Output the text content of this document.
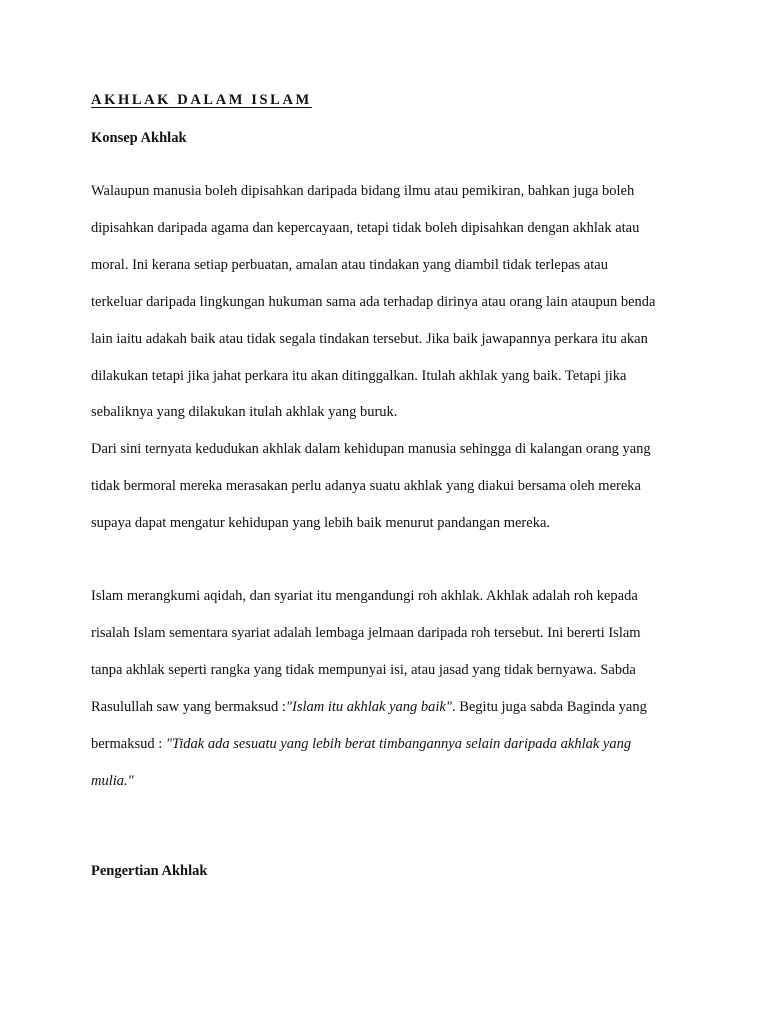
AKHLAK DALAM ISLAM
Konsep Akhlak

Walaupun manusia boleh dipisahkan daripada bidang ilmu atau pemikiran, bahkan juga boleh
dipisahkan daripada agama dan kepercayaan, tetapi tidak boleh dipisahkan dengan akhlak atau
moral. Ini kerana setiap perbuatan, amalan atau tindakan yang diambil tidak terlepas atau
terkeluar daripada lingkungan hukuman sama ada terhadap dirinya atau orang lain ataupun benda
lain iaitu adakah baik atau tidak segala tindakan tersebut. Jika baik jawapannya perkara itu akan
dilakukan tetapi jika jahat perkara itu akan ditinggalkan. Itulah akhlak yang baik. Tetapi jika
sebaliknya yang dilakukan itulah akhlak yang buruk.

Dari sini ternyata kedudukan akhlak dalam kehidupan manusia sehingga di kalangan orang yang
tidak bermoral mereka merasakan perlu adanya suatu akhlak yang diakui bersama oleh mereka
supaya dapat mengatur kehidupan yang lebih baik menurut pandangan mereka.

Islam merangkumi aqidah, dan syariat itu mengandungi roh akhlak. Akhlak adalah roh kepada
risalah Islam sementara syariat adalah lembaga jelmaan daripada roh tersebut. Ini bererti Islam
tanpa akhlak seperti rangka yang tidak mempunyai isi, atau jasad yang tidak bernyawa. Sabda
Rasulullah saw yang bermaksud :"Islam itu akhlak yang baik". Begitu juga sabda Baginda yang
bermaksud : "Tidak ada sesuatu yang lebih berat timbangannya selain daripada akhlak yang
mulia."

Pengertian Akhlak
